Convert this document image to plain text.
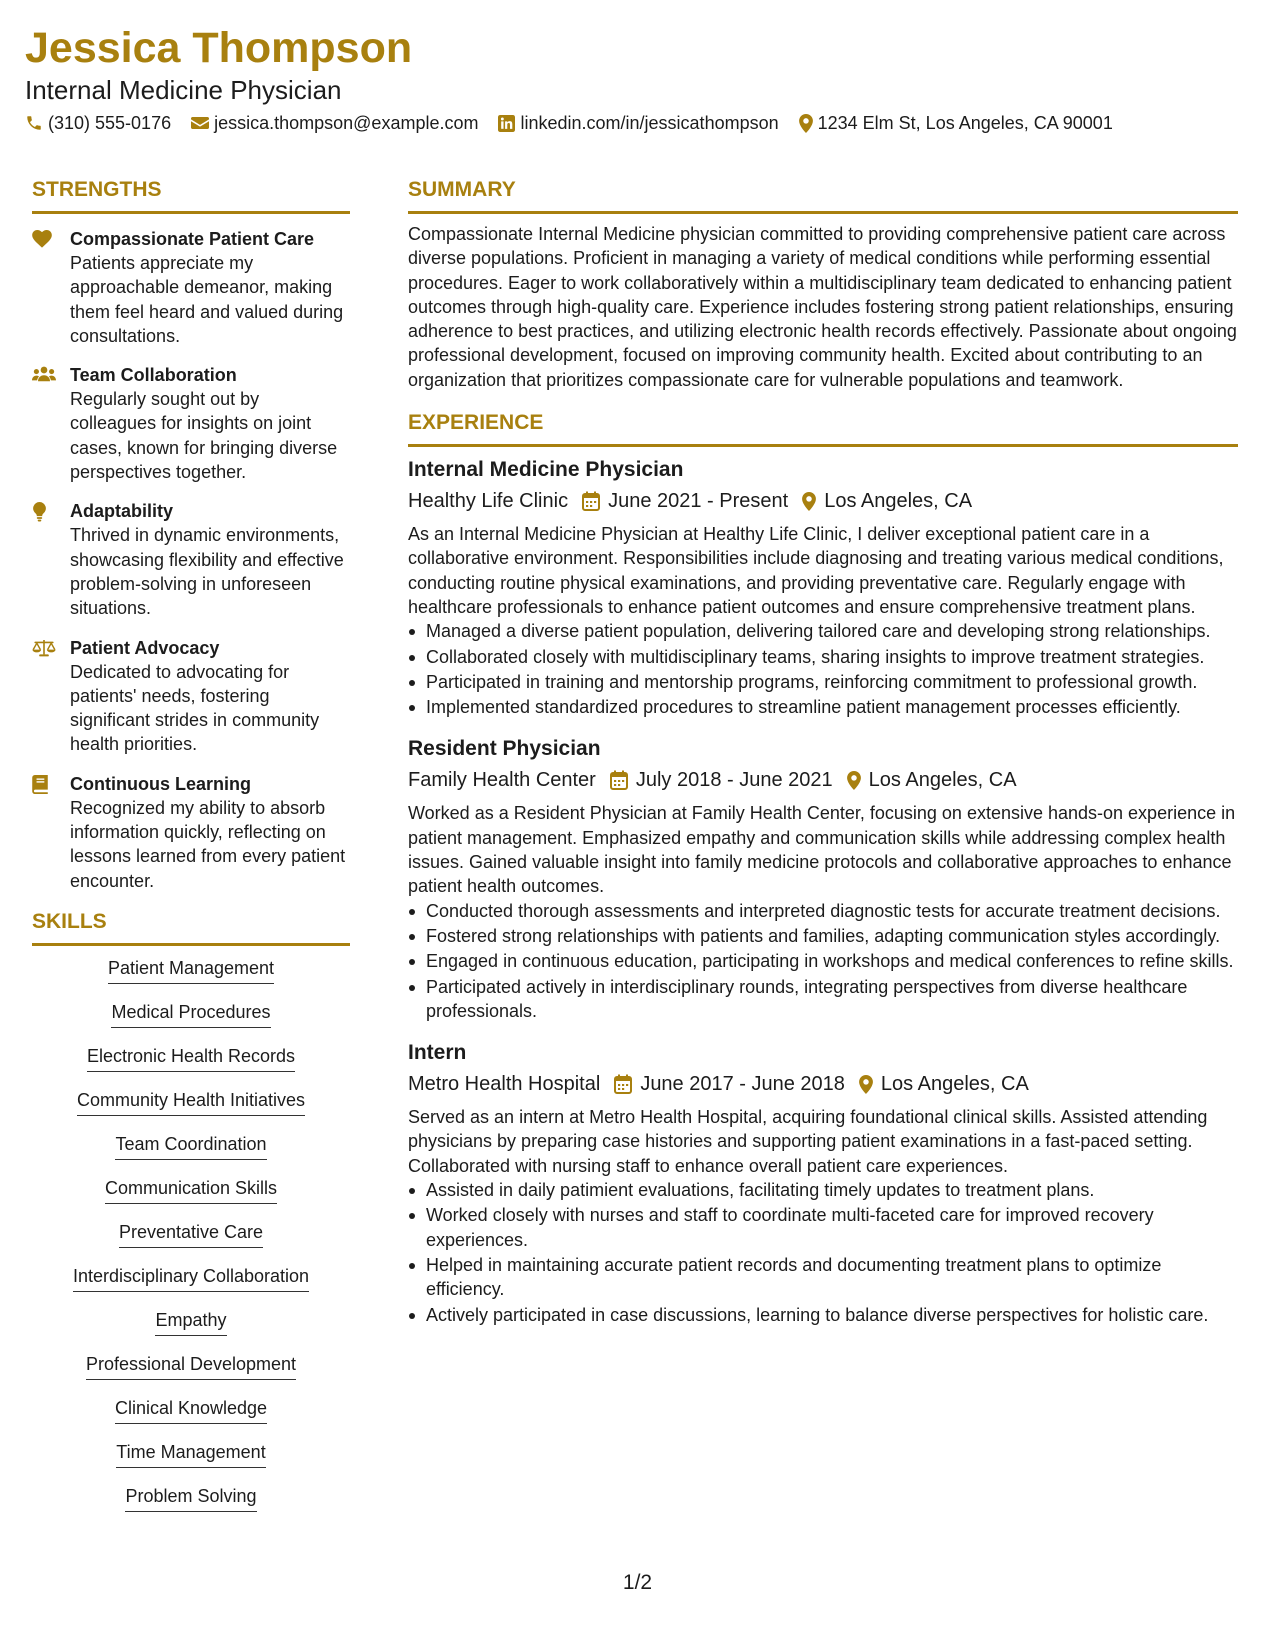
Jessica Thompson
Internal Medicine Physician
(310) 555-0176 jessica.thompson@example.com linkedin.com/in/jessicathompson 1234 Elm St, Los Angeles, CA 90001
STRENGTHS
Compassionate Patient Care
Patients appreciate my approachable demeanor, making them feel heard and valued during consultations.
Team Collaboration
Regularly sought out by colleagues for insights on joint cases, known for bringing diverse perspectives together.
Adaptability
Thrived in dynamic environments, showcasing flexibility and effective problem-solving in unforeseen situations.
Patient Advocacy
Dedicated to advocating for patients' needs, fostering significant strides in community health priorities.
Continuous Learning
Recognized my ability to absorb information quickly, reflecting on lessons learned from every patient encounter.
SKILLS
Patient Management
Medical Procedures
Electronic Health Records
Community Health Initiatives
Team Coordination
Communication Skills
Preventative Care
Interdisciplinary Collaboration
Empathy
Professional Development
Clinical Knowledge
Time Management
Problem Solving
SUMMARY

Compassionate Internal Medicine physician committed to providing comprehensive patient care across diverse populations. Proficient in managing a variety of medical conditions while performing essential procedures. Eager to work collaboratively within a multidisciplinary team dedicated to enhancing patient outcomes through high-quality care. Experience includes fostering strong patient relationships, ensuring adherence to best practices, and utilizing electronic health records effectively. Passionate about ongoing professional development, focused on improving community health. Excited about contributing to an organization that prioritizes compassionate care for vulnerable populations and teamwork.

EXPERIENCE
Internal Medicine Physician
Healthy Life Clinic June 2021 - Present Los Angeles, CA

As an Internal Medicine Physician at Healthy Life Clinic, I deliver exceptional patient care in a collaborative environment. Responsibilities include diagnosing and treating various medical conditions, conducting routine physical examinations, and providing preventative care. Regularly engage with healthcare professionals to enhance patient outcomes and ensure comprehensive treatment plans.

Managed a diverse patient population, delivering tailored care and developing strong relationships.
Collaborated closely with multidisciplinary teams, sharing insights to improve treatment strategies.
Participated in training and mentorship programs, reinforcing commitment to professional growth.
Implemented standardized procedures to streamline patient management processes efficiently.
Resident Physician
Family Health Center July 2018 - June 2021 Los Angeles, CA

Worked as a Resident Physician at Family Health Center, focusing on extensive hands-on experience in patient management. Emphasized empathy and communication skills while addressing complex health issues. Gained valuable insight into family medicine protocols and collaborative approaches to enhance patient health outcomes.

Conducted thorough assessments and interpreted diagnostic tests for accurate treatment decisions.
Fostered strong relationships with patients and families, adapting communication styles accordingly.
Engaged in continuous education, participating in workshops and medical conferences to refine skills.
Participated actively in interdisciplinary rounds, integrating perspectives from diverse healthcare professionals.
Intern
Metro Health Hospital June 2017 - June 2018 Los Angeles, CA

Served as an intern at Metro Health Hospital, acquiring foundational clinical skills. Assisted attending physicians by preparing case histories and supporting patient examinations in a fast-paced setting. Collaborated with nursing staff to enhance overall patient care experiences.

Assisted in daily patimient evaluations, facilitating timely updates to treatment plans.
Worked closely with nurses and staff to coordinate multi-faceted care for improved recovery experiences.
Helped in maintaining accurate patient records and documenting treatment plans to optimize efficiency.
Actively participated in case discussions, learning to balance diverse perspectives for holistic care.
1/2
